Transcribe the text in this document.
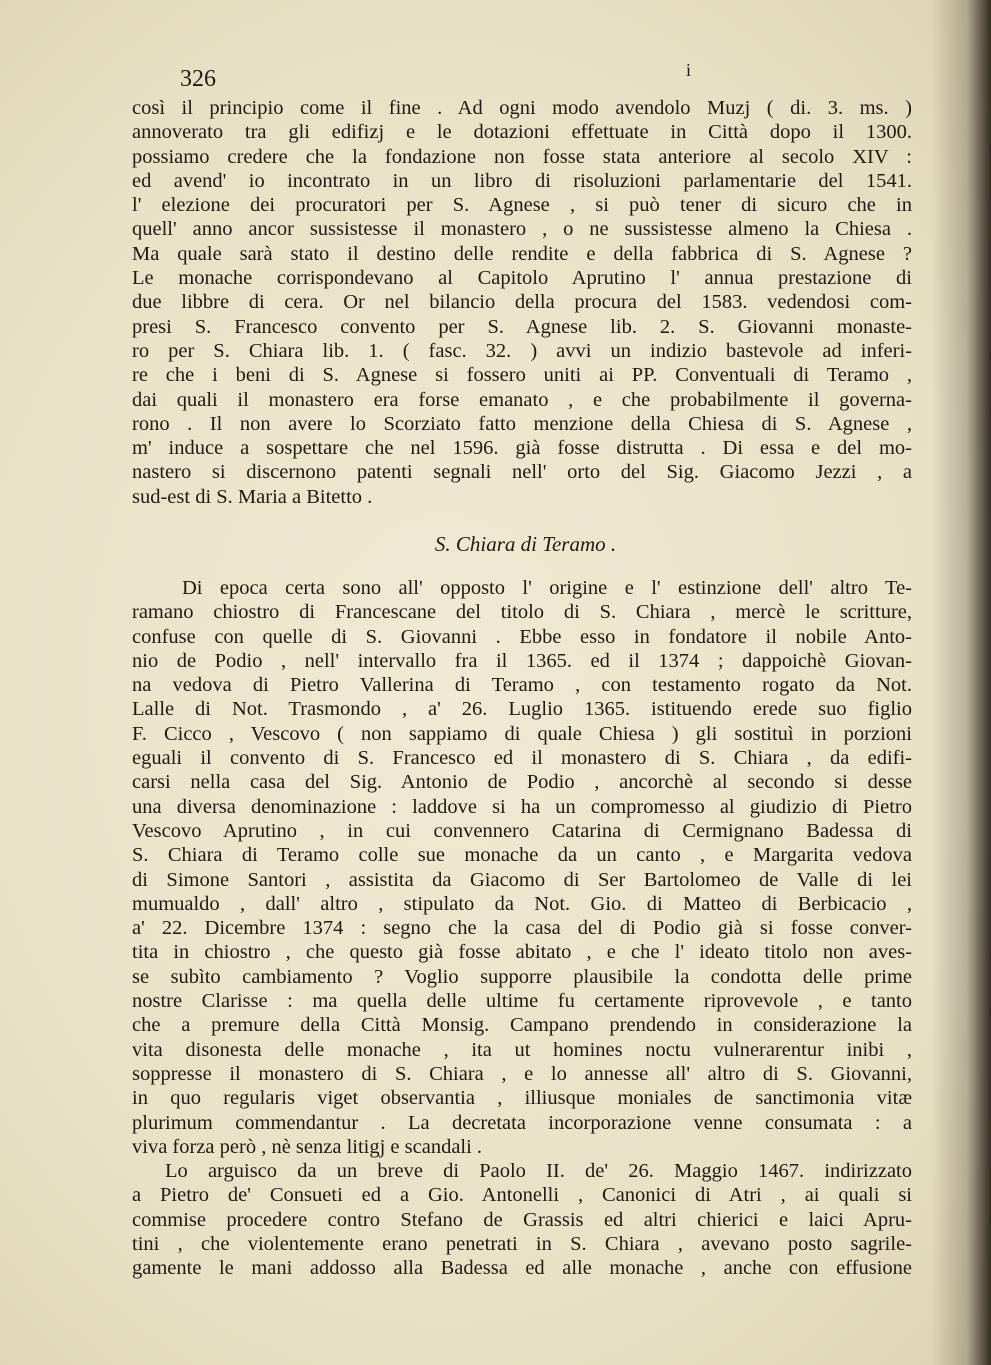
326	i
così il principio come il fine . Ad ogni modo avendolo Muzj ( di. 3. ms. )
annoverato tra gli edifizj e le dotazioni effettuate in Città dopo il 1300.
possiamo credere che la fondazione non fosse stata anteriore al secolo XIV :
ed avend' io incontrato in un libro di risoluzioni parlamentarie del 1541.
l' elezione dei procuratori per S. Agnese , si può tener di sicuro che in
quell' anno ancor sussistesse il monastero , o ne sussistesse almeno la Chiesa .
Ma quale sarà stato il destino delle rendite e della fabbrica di S. Agnese ?
Le monache corrispondevano al Capitolo Aprutino l' annua prestazione di
due libbre di cera. Or nel bilancio della procura del 1583. vedendosi com-
presi S. Francesco convento per S. Agnese lib. 2. S. Giovanni monaste-
ro per S. Chiara lib. 1. ( fasc. 32. ) avvi un indizio bastevole ad inferi-
re che i beni di S. Agnese si fossero uniti ai PP. Conventuali di Teramo ,
dai quali il monastero era forse emanato , e che probabilmente il governa-
rono . Il non avere lo Scorziato fatto menzione della Chiesa di S. Agnese ,
m' induce a sospettare che nel 1596. già fosse distrutta . Di essa e del mo-
nastero si discernono patenti segnali nell' orto del Sig. Giacomo Jezzi , a
sud-est di S. Maria a Bitetto .
S. Chiara di Teramo .
Di epoca certa sono all' opposto l' origine e l' estinzione dell' altro Te-
ramano chiostro di Francescane del titolo di S. Chiara , mercè le scritture,
confuse con quelle di S. Giovanni . Ebbe esso in fondatore il nobile Anto-
nio de Podio , nell' intervallo fra il 1365. ed il 1374 ; dappoichè Giovan-
na vedova di Pietro Vallerina di Teramo , con testamento rogato da Not.
Lalle di Not. Trasmondo , a' 26. Luglio 1365. istituendo erede suo figlio
F. Cicco , Vescovo ( non sappiamo di quale Chiesa ) gli sostituì in porzioni
eguali il convento di S. Francesco ed il monastero di S. Chiara , da edifi-
carsi nella casa del Sig. Antonio de Podio , ancorchè al secondo si desse
una diversa denominazione : laddove si ha un compromesso al giudizio di Pietro
Vescovo Aprutino , in cui convennero Catarina di Cermignano Badessa di
S. Chiara di Teramo colle sue monache da un canto , e Margarita vedova
di Simone Santori , assistita da Giacomo di Ser Bartolomeo de Valle di lei
mumualdo , dall' altro , stipulato da Not. Gio. di Matteo di Berbicacio ,
a' 22. Dicembre 1374 : segno che la casa del di Podio già si fosse conver-
tita in chiostro , che questo già fosse abitato , e che l' ideato titolo non aves-
se subìto cambiamento ? Voglio supporre plausibile la condotta delle prime
nostre Clarisse : ma quella delle ultime fu certamente riprovevole , e tanto
che a premure della Città Monsig. Campano prendendo in considerazione la
vita disonesta delle monache , ita ut homines noctu vulnerarentur inibi ,
soppresse il monastero di S. Chiara , e lo annesse all' altro di S. Giovanni,
in quo regularis viget observantia , illiusque moniales de sanctimonia vitæ
plurimum commendantur . La decretata incorporazione venne consumata : a
viva forza però , nè senza litigj e scandali .
Lo arguisco da un breve di Paolo II. de' 26. Maggio 1467. indirizzato
a Pietro de' Consueti ed a Gio. Antonelli , Canonici di Atri , ai quali si
commise procedere contro Stefano de Grassis ed altri chierici e laici Apru-
tini , che violentemente erano penetrati in S. Chiara , avevano posto sagrile-
gamente le mani addosso alla Badessa ed alle monache , anche con effusione
